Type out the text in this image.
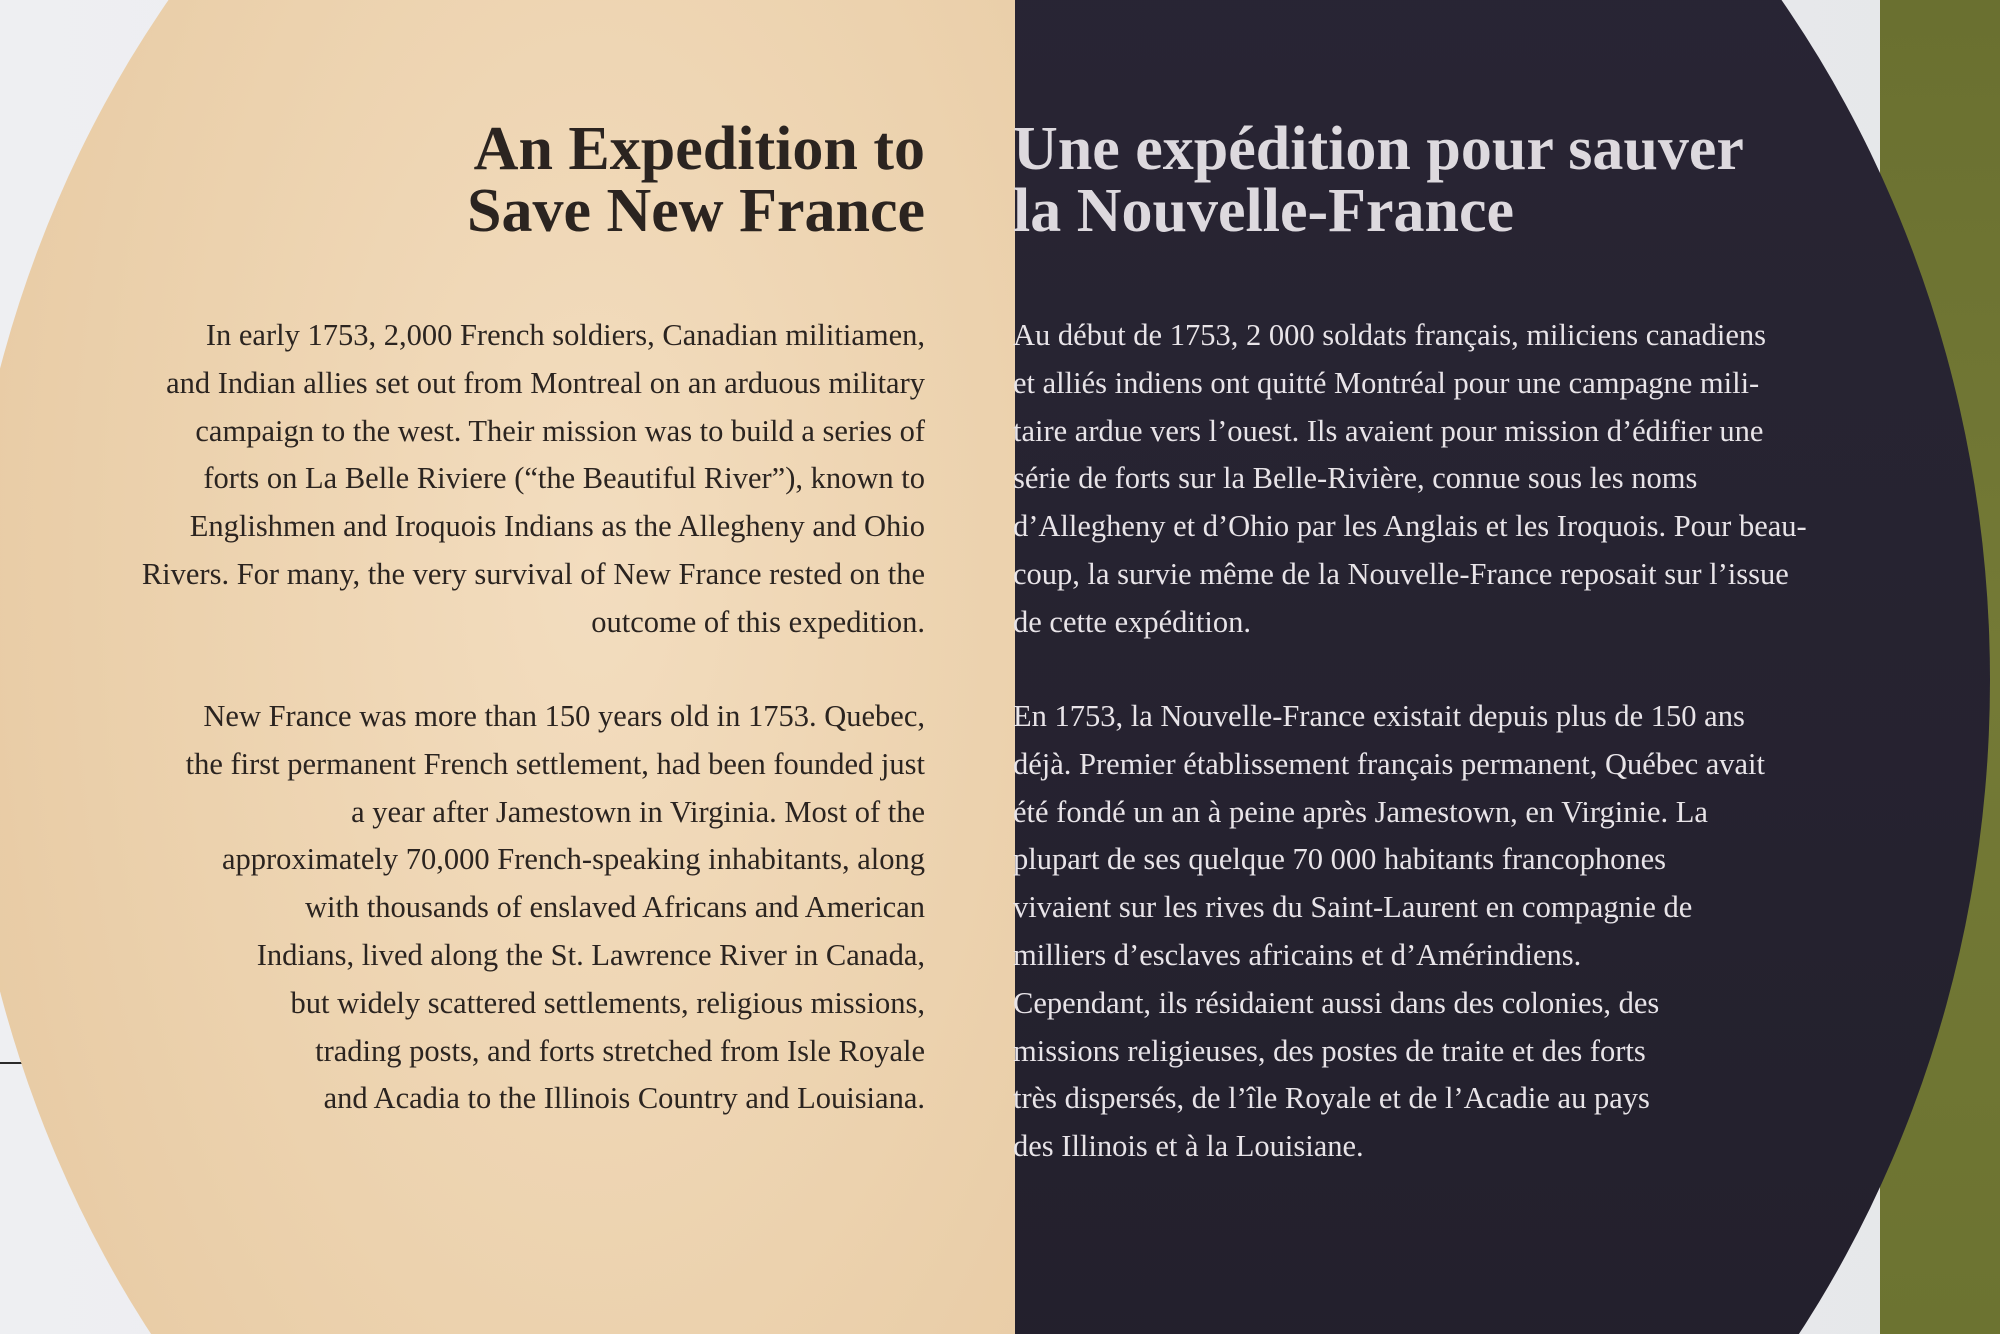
An Expedition to
Save New France

In early 1753, 2,000 French soldiers, Canadian militiamen,
and Indian allies set out from Montreal on an arduous military
campaign to the west. Their mission was to build a series of
forts on La Belle Riviere (“the Beautiful River”), known to
Englishmen and Iroquois Indians as the Allegheny and Ohio
Rivers. For many, the very survival of New France rested on the
outcome of this expedition.

New France was more than 150 years old in 1753. Quebec,
the first permanent French settlement, had been founded just
a year after Jamestown in Virginia. Most of the
approximately 70,000 French-speaking inhabitants, along
with thousands of enslaved Africans and American
Indians, lived along the St. Lawrence River in Canada,
but widely scattered settlements, religious missions,
trading posts, and forts stretched from Isle Royale
and Acadia to the Illinois Country and Louisiana.

Une expédition pour sauver
la Nouvelle-France

Au début de 1753, 2 000 soldats français, miliciens canadiens
et alliés indiens ont quitté Montréal pour une campagne mili-
taire ardue vers l’ouest. Ils avaient pour mission d’édifier une
série de forts sur la Belle-Rivière, connue sous les noms
d’Allegheny et d’Ohio par les Anglais et les Iroquois. Pour beau-
coup, la survie même de la Nouvelle-France reposait sur l’issue
de cette expédition.

En 1753, la Nouvelle-France existait depuis plus de 150 ans
déjà. Premier établissement français permanent, Québec avait
été fondé un an à peine après Jamestown, en Virginie. La
plupart de ses quelque 70 000 habitants francophones
vivaient sur les rives du Saint-Laurent en compagnie de
milliers d’esclaves africains et d’Amérindiens.
Cependant, ils résidaient aussi dans des colonies, des
missions religieuses, des postes de traite et des forts
très dispersés, de l’île Royale et de l’Acadie au pays
des Illinois et à la Louisiane.
